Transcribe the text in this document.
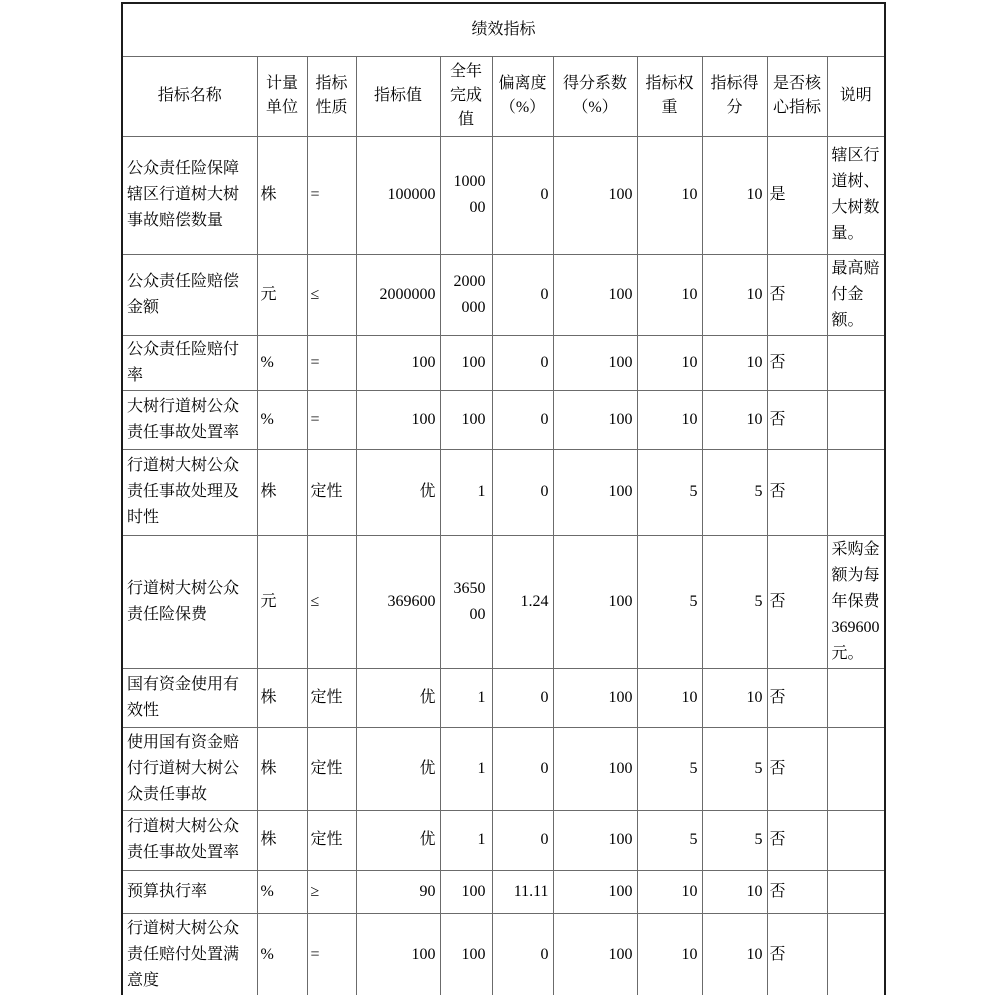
绩效指标										
指标名称	计量单位	指标性质	指标值	全年完成值	偏离度（%）	得分系数（%）	指标权重	指标得分	是否核心指标	说明
公众责任险保障辖区行道树大树事故赔偿数量	株	=	100000	100000	0	100	10	10	是	辖区行道树、大树数量。
公众责任险赔偿金额	元	≤	2000000	2000000	0	100	10	10	否	最高赔付金额。
公众责任险赔付率	%	=	100	100	0	100	10	10	否	
大树行道树公众责任事故处置率	%	=	100	100	0	100	10	10	否	
行道树大树公众责任事故处理及时性	株	定性	优	1	0	100	5	5	否	
行道树大树公众责任险保费	元	≤	369600	365000	1.24	100	5	5	否	采购金额为每年保费369600元。
国有资金使用有效性	株	定性	优	1	0	100	10	10	否	
使用国有资金赔付行道树大树公众责任事故	株	定性	优	1	0	100	5	5	否	
行道树大树公众责任事故处置率	株	定性	优	1	0	100	5	5	否	
预算执行率	%	≥	90	100	11.11	100	10	10	否	
行道树大树公众责任赔付处置满意度	%	=	100	100	0	100	10	10	否	
